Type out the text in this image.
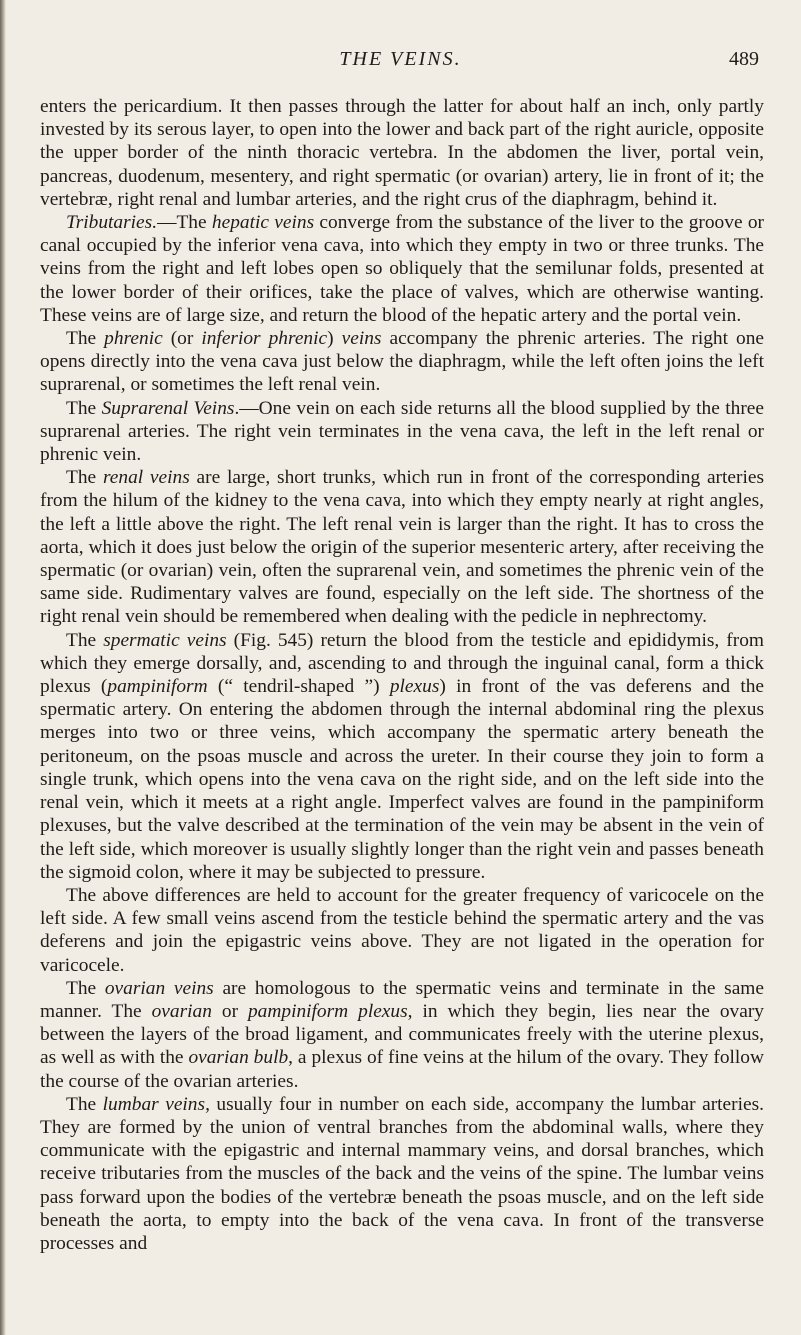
THE VEINS.	489

enters the pericardium. It then passes through the latter for about half an inch, only partly invested by its serous layer, to open into the lower and back part of the right auricle, opposite the upper border of the ninth thoracic vertebra. In the abdomen the liver, portal vein, pancreas, duodenum, mesentery, and right spermatic (or ovarian) artery, lie in front of it; the vertebræ, right renal and lumbar arteries, and the right crus of the diaphragm, behind it.

Tributaries.—The hepatic veins converge from the substance of the liver to the groove or canal occupied by the inferior vena cava, into which they empty in two or three trunks. The veins from the right and left lobes open so obliquely that the semilunar folds, presented at the lower border of their orifices, take the place of valves, which are otherwise wanting. These veins are of large size, and return the blood of the hepatic artery and the portal vein.

The phrenic (or inferior phrenic) veins accompany the phrenic arteries. The right one opens directly into the vena cava just below the diaphragm, while the left often joins the left suprarenal, or sometimes the left renal vein.

The Suprarenal Veins.—One vein on each side returns all the blood supplied by the three suprarenal arteries. The right vein terminates in the vena cava, the left in the left renal or phrenic vein.

The renal veins are large, short trunks, which run in front of the corresponding arteries from the hilum of the kidney to the vena cava, into which they empty nearly at right angles, the left a little above the right. The left renal vein is larger than the right. It has to cross the aorta, which it does just below the origin of the superior mesenteric artery, after receiving the spermatic (or ovarian) vein, often the suprarenal vein, and sometimes the phrenic vein of the same side. Rudimentary valves are found, especially on the left side. The shortness of the right renal vein should be remembered when dealing with the pedicle in nephrectomy.

The spermatic veins (Fig. 545) return the blood from the testicle and epididymis, from which they emerge dorsally, and, ascending to and through the inguinal canal, form a thick plexus (pampiniform (“ tendril-shaped ”) plexus) in front of the vas deferens and the spermatic artery. On entering the abdomen through the internal abdominal ring the plexus merges into two or three veins, which accompany the spermatic artery beneath the peritoneum, on the psoas muscle and across the ureter. In their course they join to form a single trunk, which opens into the vena cava on the right side, and on the left side into the renal vein, which it meets at a right angle. Imperfect valves are found in the pampiniform plexuses, but the valve described at the termination of the vein may be absent in the vein of the left side, which moreover is usually slightly longer than the right vein and passes beneath the sigmoid colon, where it may be subjected to pressure.

The above differences are held to account for the greater frequency of varicocele on the left side. A few small veins ascend from the testicle behind the spermatic artery and the vas deferens and join the epigastric veins above. They are not ligated in the operation for varicocele.

The ovarian veins are homologous to the spermatic veins and terminate in the same manner. The ovarian or pampiniform plexus, in which they begin, lies near the ovary between the layers of the broad ligament, and communicates freely with the uterine plexus, as well as with the ovarian bulb, a plexus of fine veins at the hilum of the ovary. They follow the course of the ovarian arteries.

The lumbar veins, usually four in number on each side, accompany the lumbar arteries. They are formed by the union of ventral branches from the abdominal walls, where they communicate with the epigastric and internal mammary veins, and dorsal branches, which receive tributaries from the muscles of the back and the veins of the spine. The lumbar veins pass forward upon the bodies of the vertebræ beneath the psoas muscle, and on the left side beneath the aorta, to empty into the back of the vena cava. In front of the transverse processes and
